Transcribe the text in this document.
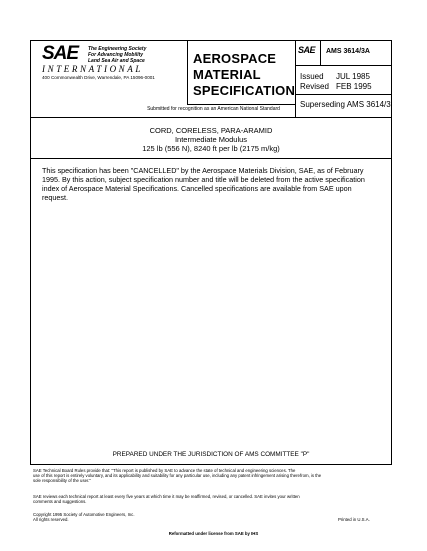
SAE The Engineering Society
For Advancing Mobility
Land Sea Air and Space
INTERNATIONAL
400 Commonwealth Drive, Warrendale, PA 15096-0001
AEROSPACE
MATERIAL
SPECIFICATION
SAE AMS 3614/3A
Issued JUL 1985
Revised FEB 1995
Superseding AMS 3614/3
Submitted for recognition as an American National Standard
CORD, CORELESS, PARA-ARAMID
Intermediate Modulus
125 lb (556 N), 8240 ft per lb (2175 m/kg)
This specification has been "CANCELLED" by the Aerospace Materials Division, SAE, as of February
1995. By this action, subject specification number and title will be deleted from the active specification
index of Aerospace Material Specifications. Cancelled specifications are available from SAE upon
request.
PREPARED UNDER THE JURISDICTION OF AMS COMMITTEE "P"
SAE Technical Board Rules provide that: "This report is published by SAE to advance the state of technical and engineering sciences. The
use of this report is entirely voluntary, and its applicability and suitability for any particular use, including any patent infringement arising therefrom, is the
sole responsibility of the user."
SAE reviews each technical report at least every five years at which time it may be reaffirmed, revised, or cancelled. SAE invites your written
comments and suggestions.
Copyright 1995 Society of Automotive Engineers, Inc.
All rights reserved.	Printed in U.S.A.
Reformatted under license from SAE by IHS
